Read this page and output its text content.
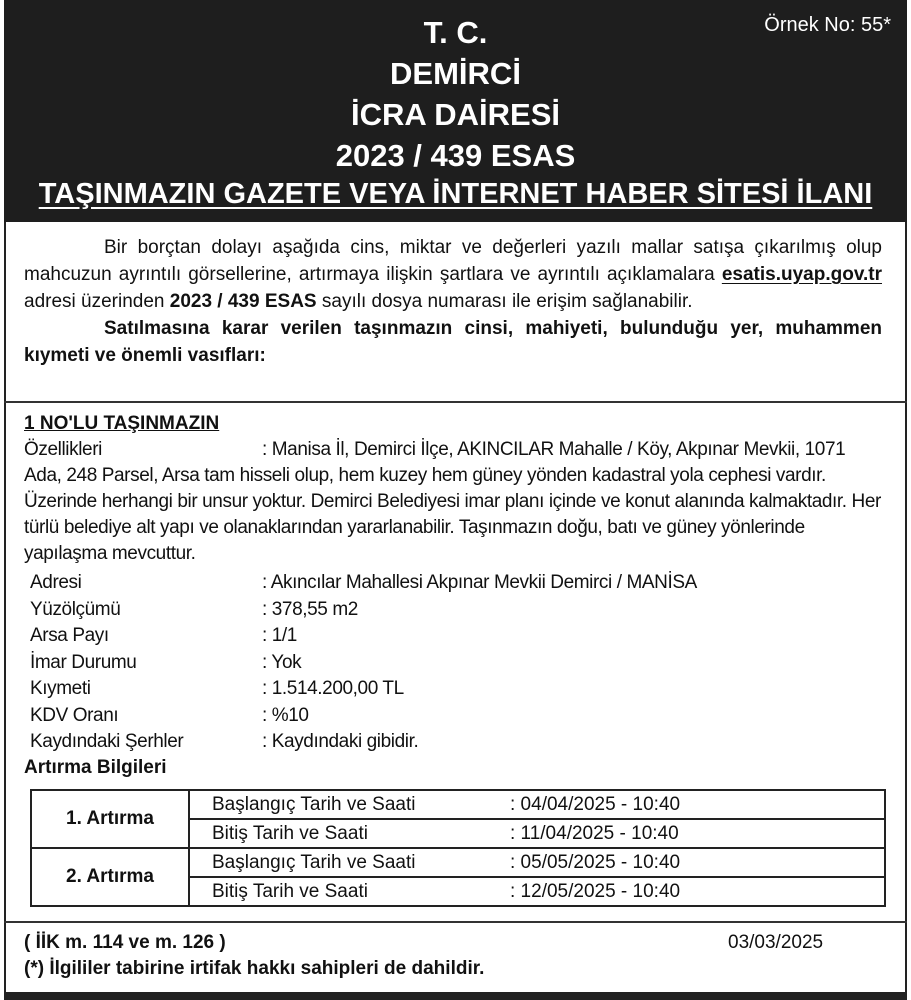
Örnek No: 55*
T. C.
DEMİRCİ
İCRA DAİRESİ
2023 / 439 ESAS
TAŞINMAZIN GAZETE VEYA İNTERNET HABER SİTESİ İLANI

Bir borçtan dolayı aşağıda cins, miktar ve değerleri yazılı mallar satışa çıkarılmış olup mahcuzun ayrıntılı görsellerine, artırmaya ilişkin şartlara ve ayrıntılı açıklamalara esatis.uyap.gov.tr adresi üzerinden 2023 / 439 ESAS sayılı dosya numarası ile erişim sağlanabilir.

Satılmasına karar verilen taşınmazın cinsi, mahiyeti, bulunduğu yer, muhammen kıymeti ve önemli vasıfları:

1 NO'LU TAŞINMAZIN
Özellikleri	: Manisa İl, Demirci İlçe, AKINCILAR Mahalle / Köy, Akpınar Mevkii, 1071 Ada, 248 Parsel, Arsa tam hisseli olup, hem kuzey hem güney yönden kadastral yola cephesi vardır. Üzerinde herhangi bir unsur yoktur. Demirci Belediyesi imar planı içinde ve konut alanında kalmaktadır. Her türlü belediye alt yapı ve olanaklarından yararlanabilir. Taşınmazın doğu, batı ve güney yönlerinde yapılaşma mevcuttur.
Adresi	: Akıncılar Mahallesi Akpınar Mevkii Demirci / MANİSA
Yüzölçümü	: 378,55 m2
Arsa Payı	: 1/1
İmar Durumu	: Yok
Kıymeti	: 1.514.200,00 TL
KDV Oranı	: %10
Kaydındaki Şerhler	: Kaydındaki gibidir.
Artırma Bilgileri
1. Artırma	Başlangıç Tarih ve Saati	: 04/04/2025 - 10:40
	Bitiş Tarih ve Saati	: 11/04/2025 - 10:40
2. Artırma	Başlangıç Tarih ve Saati	: 05/05/2025 - 10:40
	Bitiş Tarih ve Saati	: 12/05/2025 - 10:40
( İİK m. 114 ve m. 126 )	03/03/2025
(*) İlgililer tabirine irtifak hakkı sahipleri de dahildir.
